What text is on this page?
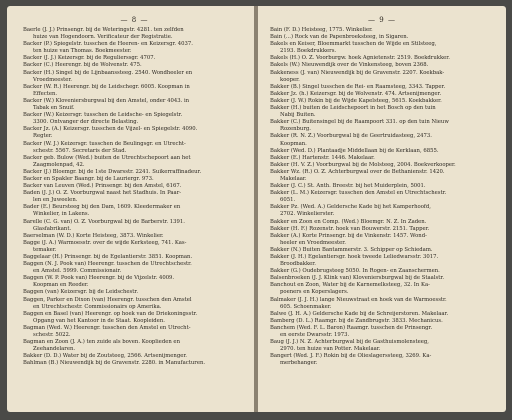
— 8 —
Baerle (J. J.) Prinsengr. bij de Weteringstr. 4281. ten zelfden
huize van Hogendoorn. Verificateur der Registratie.
Backer (P.) Spiegelstr. tusschen de Heeren- en Keizersgr. 4037.
ten huize van Thomas. Boekmeester.
Backer (J. J.) Keizersgr. bij de Regulierssgr. 4707.
Backer (C.) Heerengr. bij de Wolvenstr. 475.
Backer (H.) Singel bij de Lijnbaanssteeg. 2540. Wondheeler en
Vroedmeester.
Backer (W. R.) Heerengr. bij de Leidschegr. 6005. Koopman in
Effecten.
Backer (W.) Kloveniersburgwal bij den Amstel, onder 4043. in
Tabak en Snuif.
Backer (W.) Keizersgr. tusschen de Leidsche- en Spiegelstr.
3300. Ontvanger der directe Belasting.
Backer Jz. (A.) Keizersgr. tusschen de Vijzel- en Spiegelstr. 4090.
Regter.
Backer (W. J.) Keizersgr. tusschen de Beulingsgr. en Utrecht-
schestr. 5567. Secretaris der Stad.
Backer geb. Bulow (Wed.) buiten de Utrechtschepoort aan het
Zaagmolenpad, 42.
Backer (J.) Bloemgr. bij de 1ste Dwarsstr. 2241. Suikerraffinadeur.
Backer en Spakler Baangr. bij de Lauriergr. 973.
Backer van Leuven (Wed.) Prinsengr. bij den Amstel, 6167.
Baden (J. J.) O. Z. Voorburgwal naast het Stadhuis. In Paar-
len en Juweelen.
Bader (E.) Beursteeg bij den Dam, 1609. Kleedermaker en
Winkelier, in Lakens.
Barelle (C. G. van) O. Z. Voorburgwal bij de Barberstr. 1391.
Glasfabrikant.
Baerselman (W. D.) Korte Heisteeg, 3873. Winkelier.
Bagge (J. A.) Warmoesstr. over de wijde Kerksteeg, 741. Kas-
temaker.
Baggelaar (H.) Prinsengr. bij de Egelantierstr. 3851. Koopman.
Baggen (N. J. Pook van) Heerengr. tusschen de Utrechtschestr.
en Amstel. 5999. Commissionair.
Baggen (W. P. Pook van) Heerengr. bij de Vijzelstr. 4009.
Koopman en Reeder.
Baggen (van) Keizersgr. bij de Leidschestr.
Baggen, Parker en Dixon (van) Heerengr. tusschen den Amstel
en Utrechtschestr. Commissionairs op Amerika.
Baggen en Basel (van) Heerengr. op hoek van de Driekoningsstr.
Opgang van het Kantoor in de Staat. Koopleiden.
Bagman (Wed. W.) Heerengr. tusschen den Amstel en Utrecht-
schestr. 5022.
Bagman en Zoon (J. A.) ten zuide als boven. Kooplieden en
Zeehandelaren.
Bakker (D. D.) Water bij de Zoutsteeg, 2566. Artsenijmenger.
Bahlman (B.) Nieuwendijk bij de Gravenstr. 2280. in Manufacturen.
— 9 —
Bain (F. D.) Heisteeg, 1775. Winkelier.
Bain (...) Rock van de Papenbroeksteeg, in Sigaren.
Bakels en Keiser, Bloemmarkt tusschen de Wijde en Stilsteeg,
2193. Boekdrukkers.
Bakels (H.) O. Z. Voorburgw. hoek Agnietenstr. 2519. Boekdrukker.
Bakels (W.) Nieuwendijk over de Vinkensteeg, boven 2368.
Bakkeness (J. van) Nieuwendijk bij de Gravenstr. 2207. Koekbak-
kooper.
Bakker (B.) Singel tusschen de Rei- en Raamsteeg, 3343. Tapper.
Bakker Jz. (h.) Keizersgr. bij de Wolvenstr. 474. Artsenijmenger.
Bakker (J. W.) Rokin bij de Wijde Kapelsteeg, 5615. Koekbakker.
Bakker (H.) buiten de Leidschepoort in het Bosch op den tuin
Nabij Buiten.
Bakker (C.) Buitensingel bij de Raampoort 331. op den tuin Nieuw
Rozenburg.
Bakker (R. N. Z.) Voorburgwal bij de Geertruidasteeg, 2473.
Koopman.
Bakker (Wed. D.) Plantaadje Middellaan bij de Kerklaan, 6855.
Bakker (E.) Hartenstr. 1446. Makelaar.
Bakker (H. V. Z.) Voorburgwal bij de Molsteeg, 2004. Boekverkooper.
Bakker Wz. (R.) O. Z. Achterburgwal over de Bethanienstr. 1420.
Makelaar.
Bakker (J. C.) St. Anth. Breestr. bij het Muiderplein, 5001.
Bakker (L. M.) Keizersgr. tusschen den Amstel en Utrechtschestr.
6051.
Bakker Pz. (Wed. A.) Geldersche Kade bij het Kamperhoofd,
2702. Winkelierster.
Bakker en Zoon en Comp. (Wed.) Bloemgr. N. Z. In Zaden.
Bakker (H. F.) Rozenstr. hoek van Bouwerstr. 2151. Tapper.
Bakker (A.) Korte Prinsengr. bij de Vinkenstr. 1457. Wond-
heeler en Vroedmeester.
Bakker (N.) Buiten Bantammerstr. 3. Schipper op Schiedam.
Bakker (J. H.) Egelantiersgr. hoek tweede Leliedwarsstr. 3017.
Broodbakker.
Bakker (G.) Oudebrugsteeg 5050. In Rogen- en Zaanschermen.
Balsenbroeken (J. J. Klink van) Kloveniersburgwal bij de Staalstr.
Banchout en Zoon, Water bij de Karnemelksteeg, 32. In Ka-
poeners en Koperslagers.
Balmaker (J. J. H.) lange Nieuwstraat en hoek van de Warmoesstr.
605. Schoenmaker.
Balwe (J. H. A.) Geldersche Kade bij de Schreijerstoren. Makelaar.
Bamberg (D. L.) Raamgr. bij de Zandbrugstr. 3833. Mechanicus.
Banchem (Wed. F. L. Baron) Raamgr. tusschen de Prinsengr.
en eerste Dwarsstr. 1973.
Baug (J. J.) N. Z. Achterburgwal bij de Gasthuismolensteeg,
2970. ten huize van Potter. Makelaar.
Bangert (Wed. J. F.) Rokin bij de Olieslagerssteeg, 3269. Ka-
merbehanger.
